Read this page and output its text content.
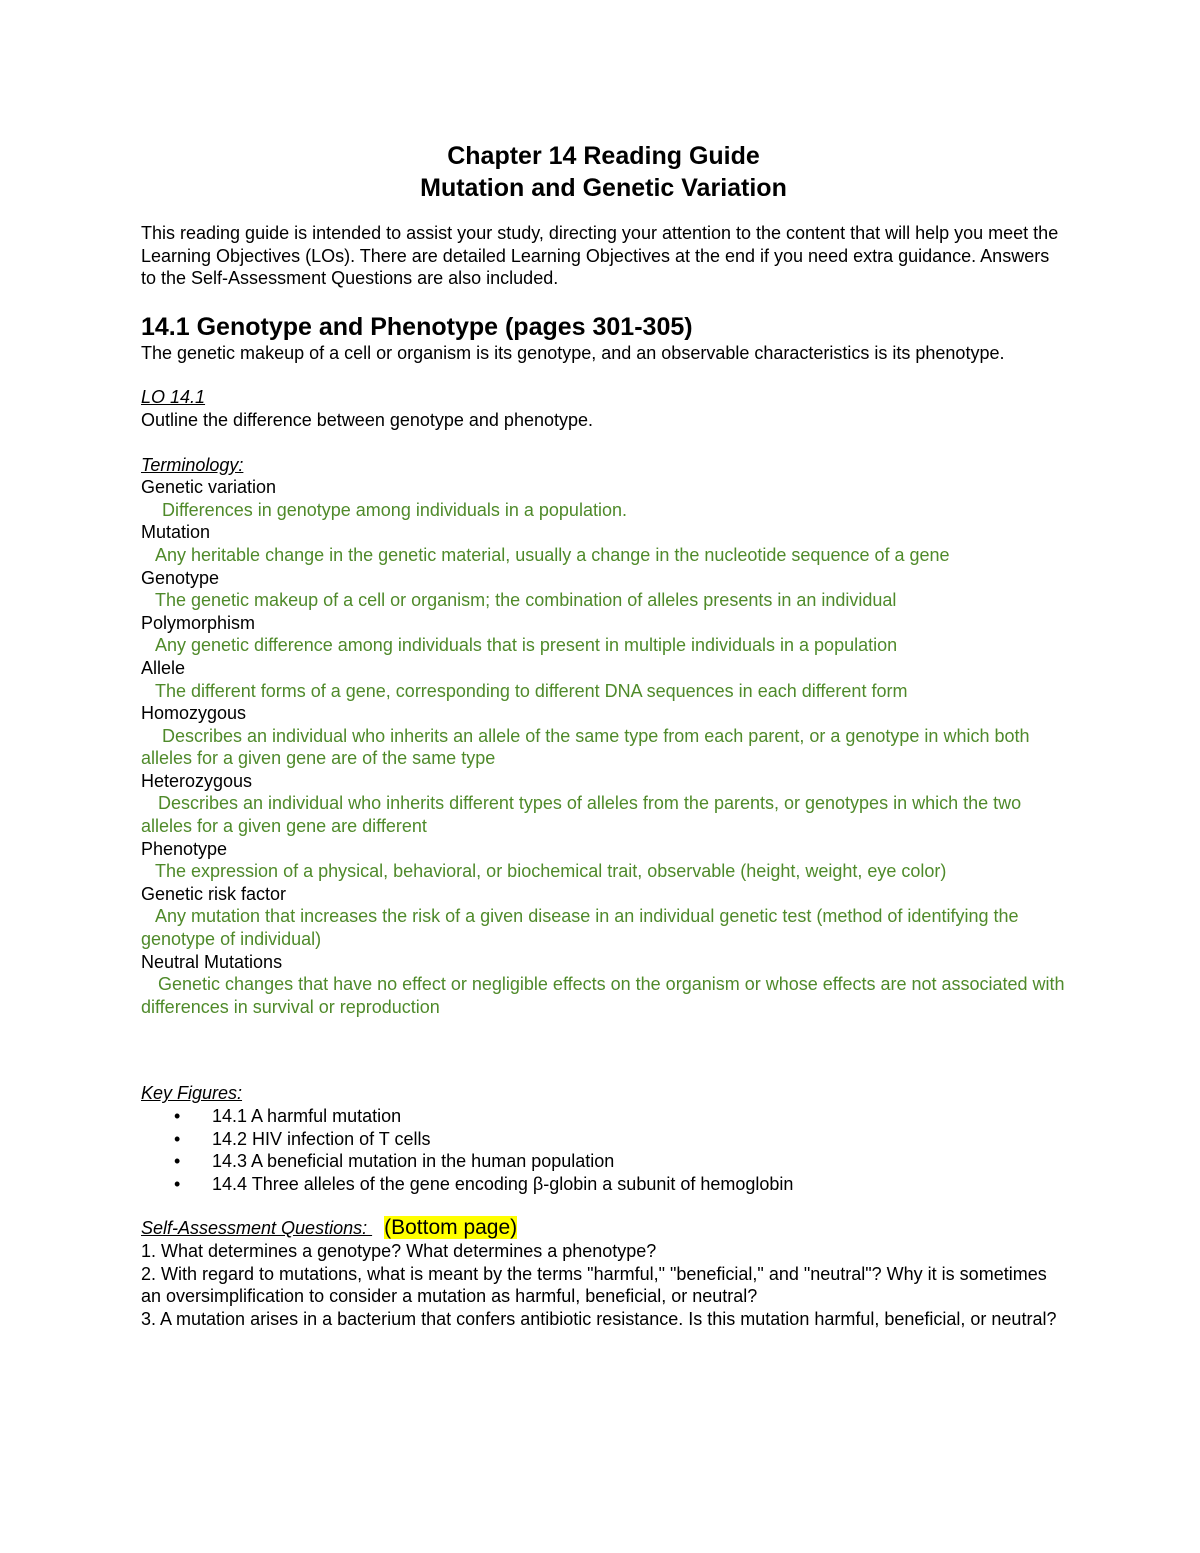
Chapter 14 Reading Guide
Mutation and Genetic Variation
This reading guide is intended to assist your study, directing your attention to the content that will help you meet the Learning Objectives (LOs). There are detailed Learning Objectives at the end if you need extra guidance. Answers to the Self-Assessment Questions are also included.
14.1 Genotype and Phenotype (pages 301-305)
The genetic makeup of a cell or organism is its genotype, and an observable characteristics is its phenotype.
LO 14.1
Outline the difference between genotype and phenotype.
Terminology:
Genetic variation
Differences in genotype among individuals in a population.
Mutation
Any heritable change in the genetic material, usually a change in the nucleotide sequence of a gene
Genotype
The genetic makeup of a cell or organism; the combination of alleles presents in an individual
Polymorphism
Any genetic difference among individuals that is present in multiple individuals in a population
Allele
The different forms of a gene, corresponding to different DNA sequences in each different form
Homozygous
Describes an individual who inherits an allele of the same type from each parent, or a genotype in which both alleles for a given gene are of the same type
Heterozygous
Describes an individual who inherits different types of alleles from the parents, or genotypes in which the two alleles for a given gene are different
Phenotype
The expression of a physical, behavioral, or biochemical trait, observable (height, weight, eye color)
Genetic risk factor
Any mutation that increases the risk of a given disease in an individual genetic test (method of identifying the genotype of individual)
Neutral Mutations
Genetic changes that have no effect or negligible effects on the organism or whose effects are not associated with differences in survival or reproduction
Key Figures:
• 14.1 A harmful mutation
• 14.2 HIV infection of T cells
• 14.3 A beneficial mutation in the human population
• 14.4 Three alleles of the gene encoding β-globin a subunit of hemoglobin
Self-Assessment Questions: (Bottom page)
1. What determines a genotype? What determines a phenotype?
2. With regard to mutations, what is meant by the terms "harmful," "beneficial," and "neutral"? Why it is sometimes an oversimplification to consider a mutation as harmful, beneficial, or neutral?
3. A mutation arises in a bacterium that confers antibiotic resistance. Is this mutation harmful, beneficial, or neutral?
